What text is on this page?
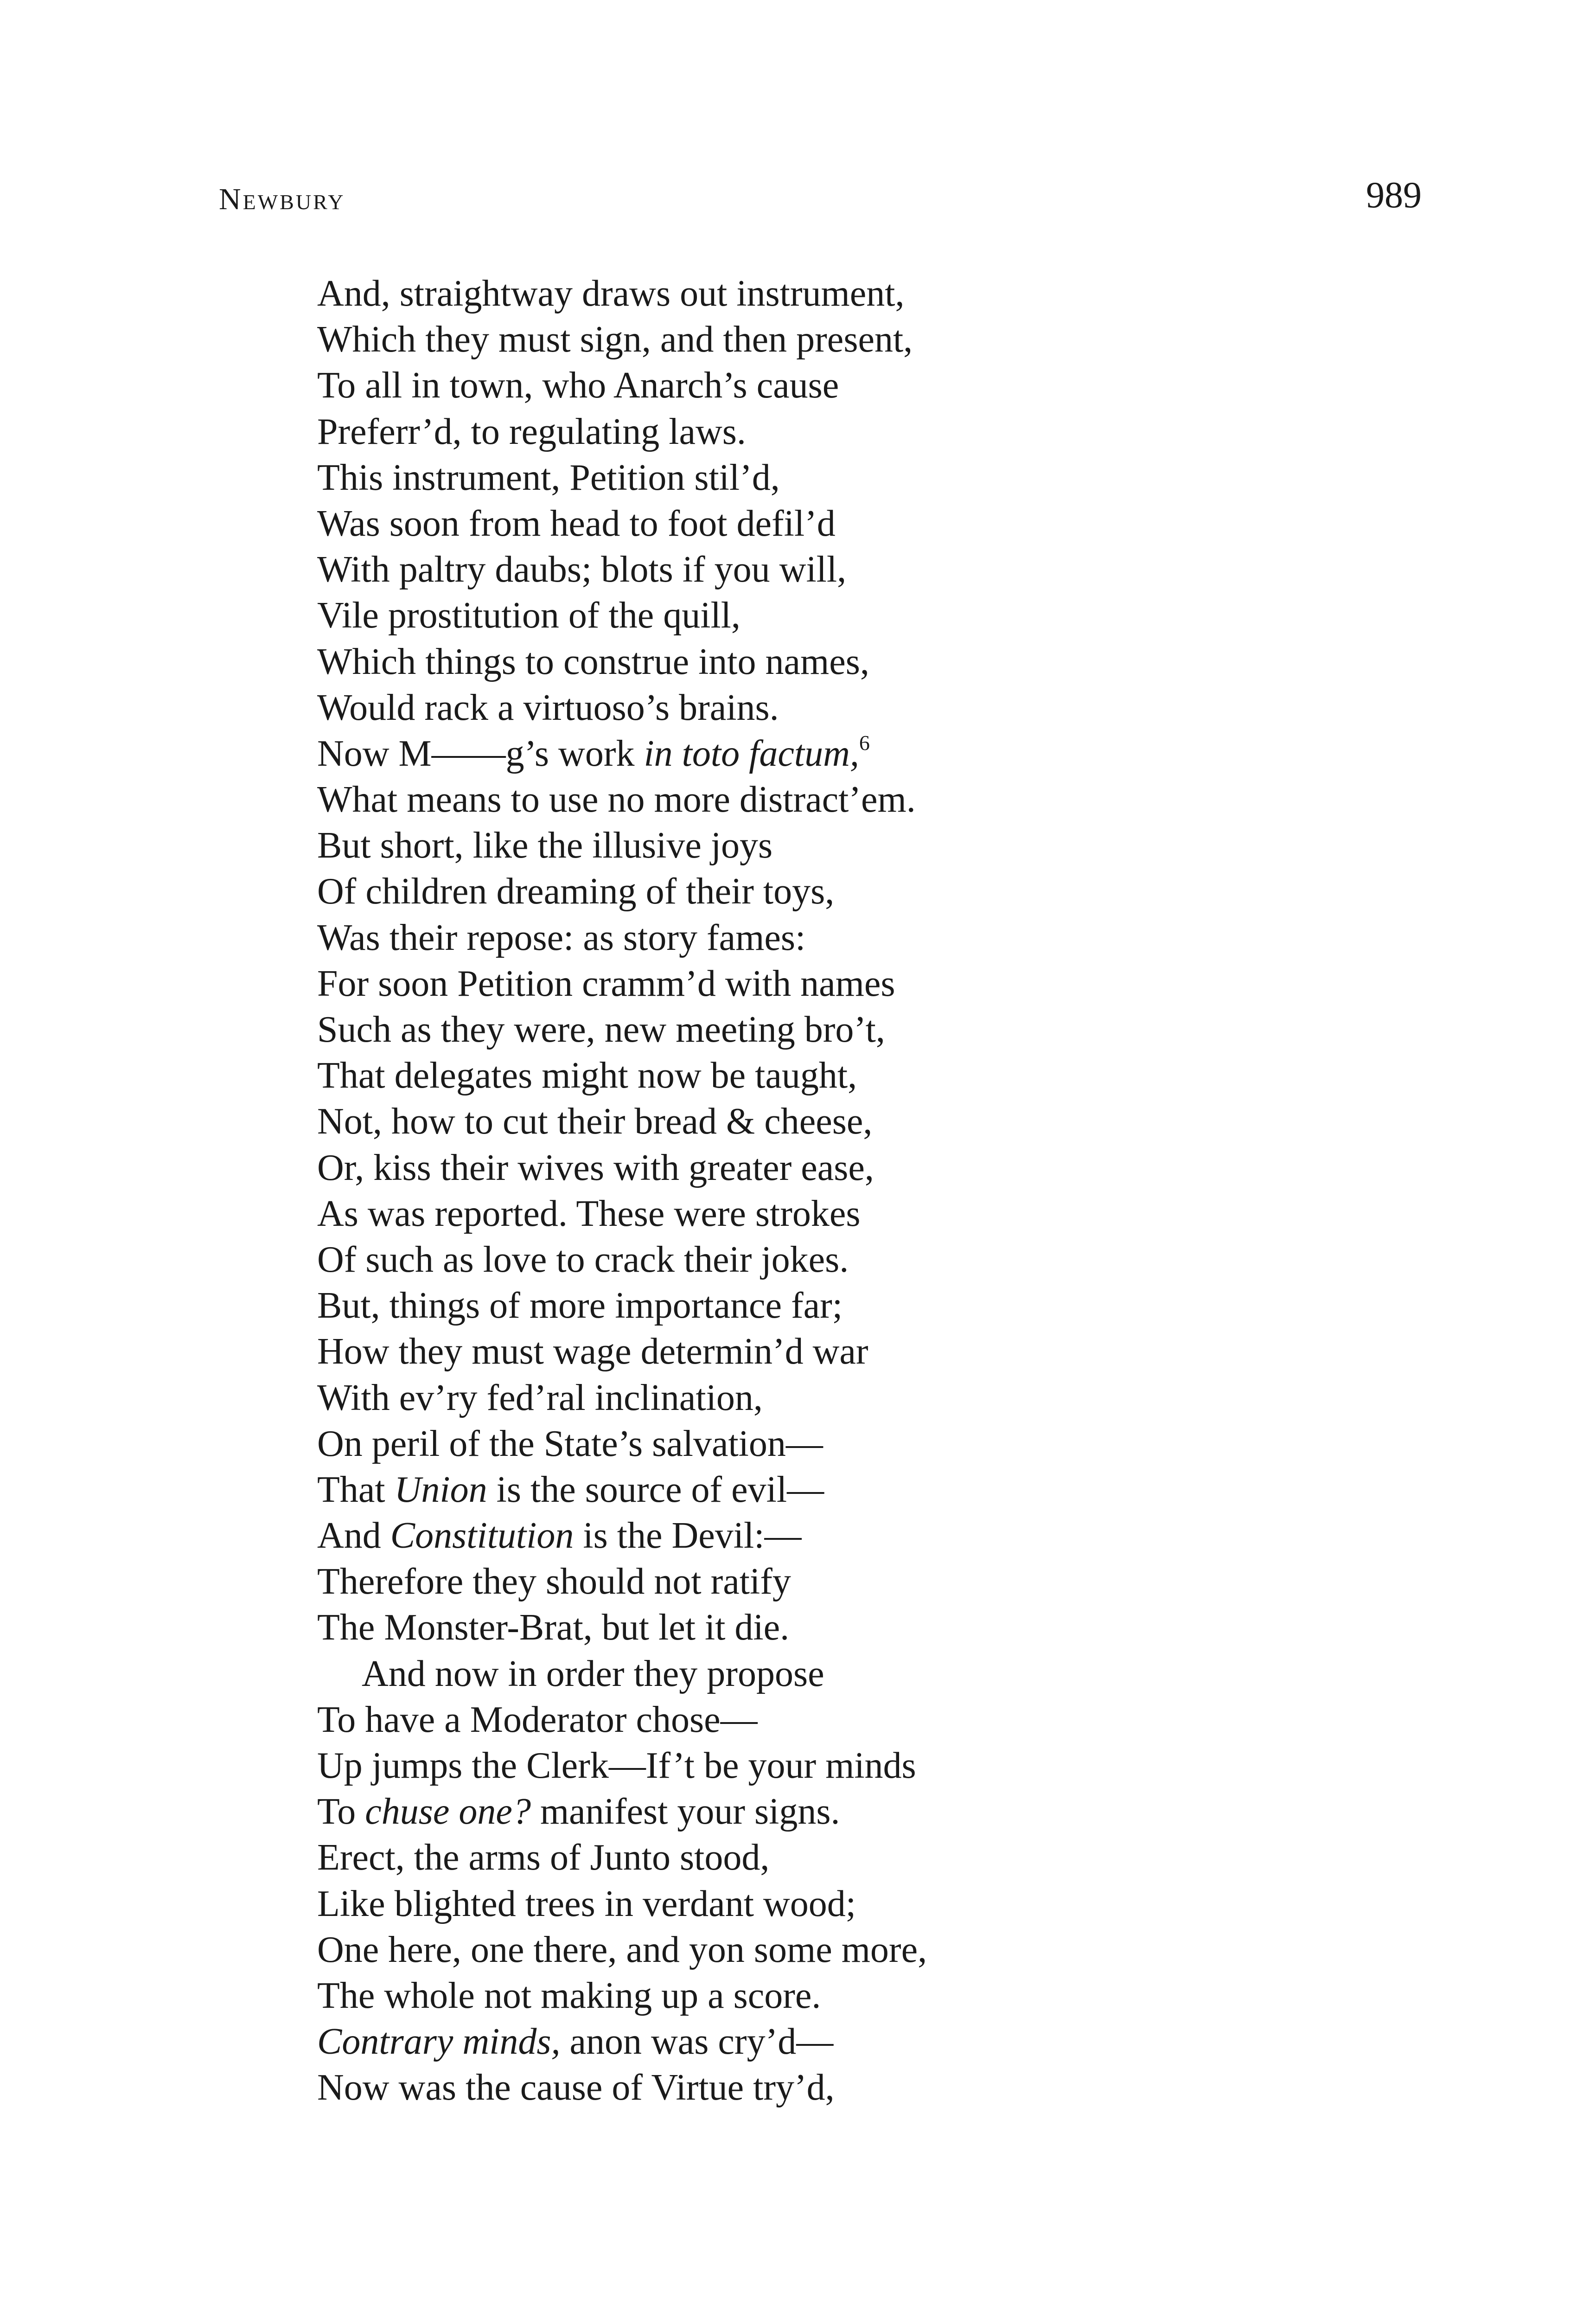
Newbury	989
And, straightway draws out instrument,
Which they must sign, and then present,
To all in town, who Anarch’s cause
Preferr’d, to regulating laws.
This instrument, Petition stil’d,
Was soon from head to foot defil’d
With paltry daubs; blots if you will,
Vile prostitution of the quill,
Which things to construe into names,
Would rack a virtuoso’s brains.
Now M——g’s work in toto factum,$^6$
What means to use no more distract’em.
But short, like the illusive joys
Of children dreaming of their toys,
Was their repose: as story fames:
For soon Petition cramm’d with names
Such as they were, new meeting bro’t,
That delegates might now be taught,
Not, how to cut their bread & cheese,
Or, kiss their wives with greater ease,
As was reported. These were strokes
Of such as love to crack their jokes.
But, things of more importance far;
How they must wage determin’d war
With ev’ry fed’ral inclination,
On peril of the State’s salvation—
That Union is the source of evil—
And Constitution is the Devil:—
Therefore they should not ratify
The Monster-Brat, but let it die.
And now in order they propose
To have a Moderator chose—
Up jumps the Clerk—If’t be your minds
To chuse one? manifest your signs.
Erect, the arms of Junto stood,
Like blighted trees in verdant wood;
One here, one there, and yon some more,
The whole not making up a score.
Contrary minds, anon was cry’d—
Now was the cause of Virtue try’d,
